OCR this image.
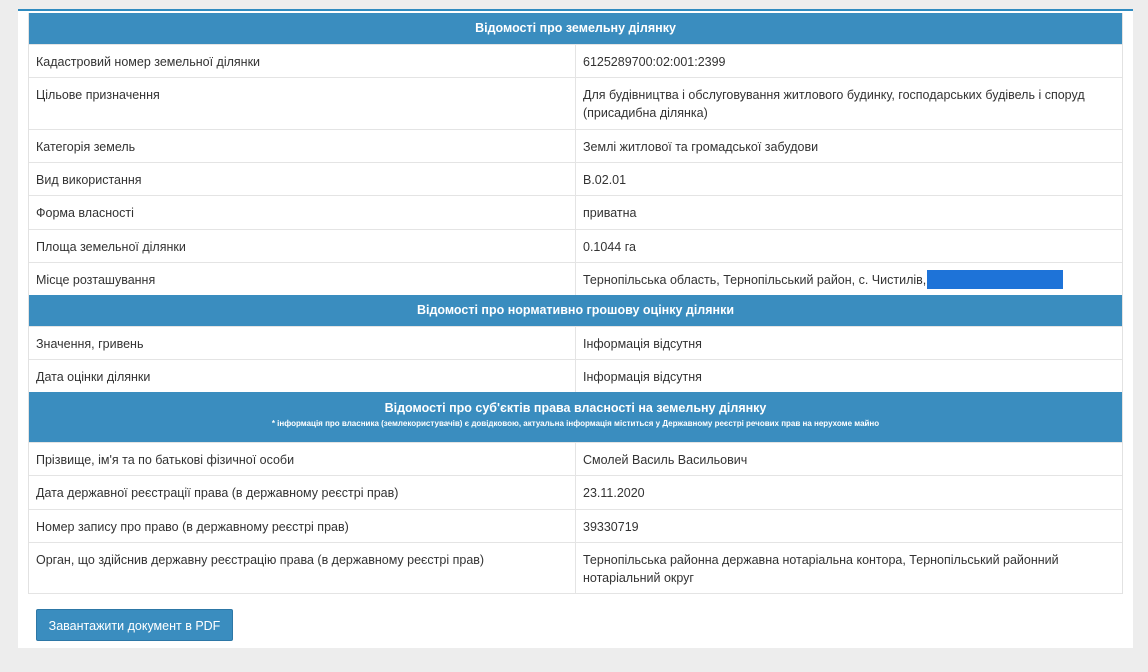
Відомості про земельну ділянку
Кадастровий номер земельної ділянки	6125289700:02:001:2399
Цільове призначення	Для будівництва і обслуговування житлового будинку, господарських будівель і споруд (присадибна ділянка)
Категорія земель	Землі житлової та громадської забудови
Вид використання	В.02.01
Форма власності	приватна
Площа земельної ділянки	0.1044 га
Місце розташування	Тернопільська область, Тернопільський район, с. Чистилів,
Відомості про нормативно грошову оцінку ділянки
Значення, гривень	Інформація відсутня
Дата оцінки ділянки	Інформація відсутня
Відомості про суб'єктів права власності на земельну ділянку
* інформація про власника (землекористувачів) є довідковою, актуальна інформація міститься у Державному реєстрі речових прав на нерухоме майно
Прізвище, ім'я та по батькові фізичної особи	Смолей Василь Васильович
Дата державної реєстрації права (в державному реєстрі прав)	23.11.2020
Номер запису про право (в державному реєстрі прав)	39330719
Орган, що здійснив державну реєстрацію права (в державному реєстрі прав)	Тернопільська районна державна нотаріальна контора, Тернопільський районний нотаріальний округ
Завантажити документ в PDF
